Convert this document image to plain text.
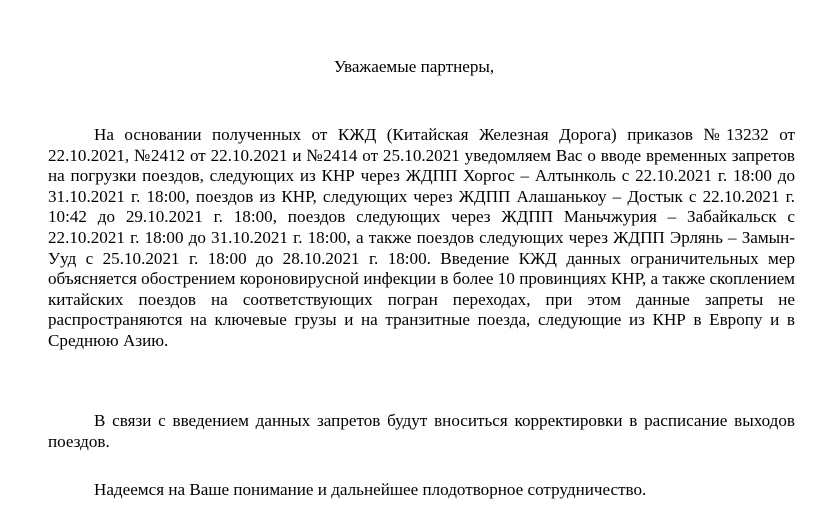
Уважаемые партнеры,

На основании полученных от КЖД (Китайская Железная Дорога) приказов №13232 от 22.10.2021, №2412 от 22.10.2021 и №2414 от 25.10.2021 уведомляем Вас о вводе временных запретов на погрузки поездов, следующих из КНР через ЖДПП Хоргос – Алтынколь с 22.10.2021 г. 18:00 до 31.10.2021 г. 18:00, поездов из КНР, следующих через ЖДПП Алашанькоу – Достык с 22.10.2021 г. 10:42 до 29.10.2021 г. 18:00, поездов следующих через ЖДПП Маньчжурия – Забайкальск с 22.10.2021 г. 18:00 до 31.10.2021 г. 18:00, а также поездов следующих через ЖДПП Эрлянь – Замын-Ууд с 25.10.2021 г. 18:00 до 28.10.2021 г. 18:00. Введение КЖД данных ограничительных мер объясняется обострением короновирусной инфекции в более 10 провинциях КНР, а также скоплением китайских поездов на соответствующих погран переходах, при этом данные запреты не распространяются на ключевые грузы и на транзитные поезда, следующие из КНР в Европу и в Среднюю Азию.

В связи с введением данных запретов будут вноситься корректировки в расписание выходов поездов.

Надеемся на Ваше понимание и дальнейшее плодотворное сотрудничество.
